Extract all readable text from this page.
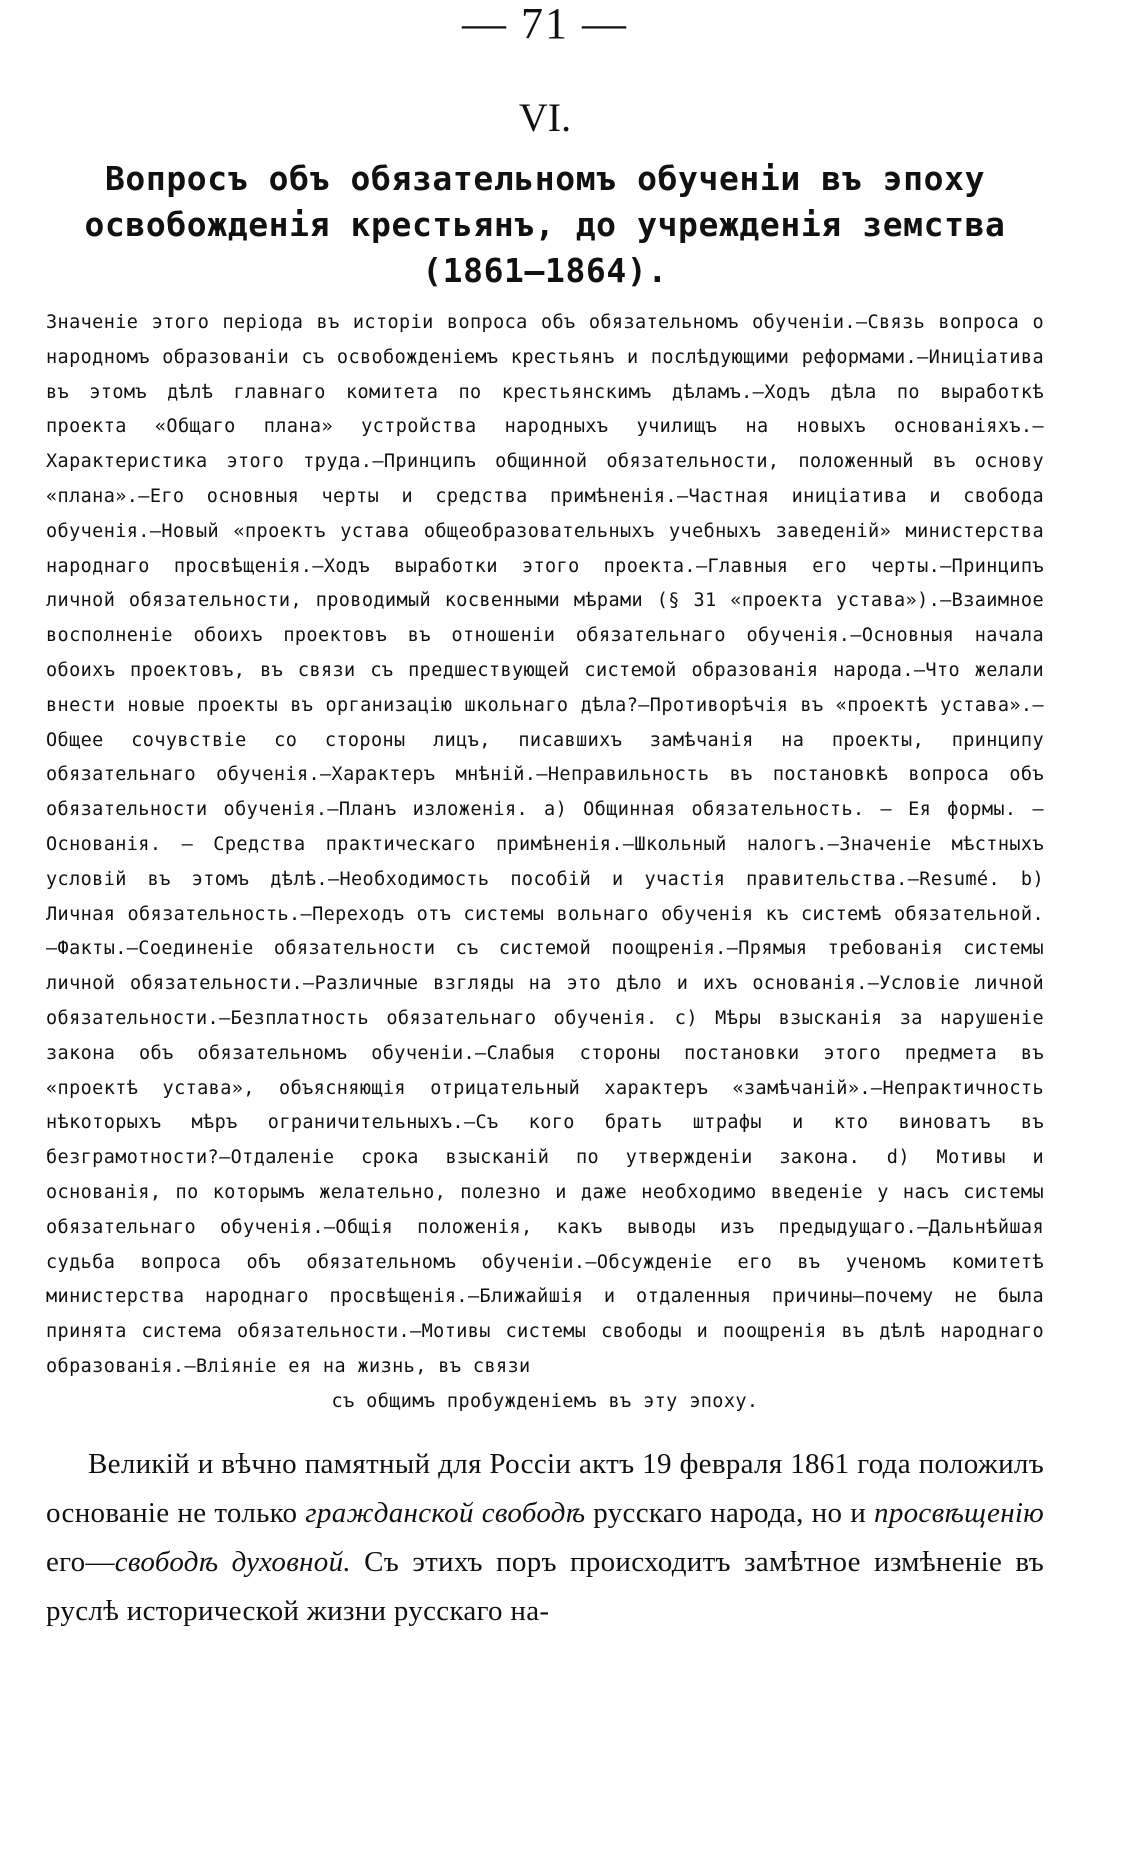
— 71 —
VI.
Вопросъ объ обязательномъ обученіи въ эпоху освобожденія крестьянъ, до учрежденія земства (1861—1864).
Значеніе этого періода въ исторіи вопроса объ обязательномъ обученіи.—Связь вопроса о народномъ образованіи съ освобожденіемъ крестьянъ и послѣдующими реформами.—Иниціатива въ этомъ дѣлѣ главнаго комитета по крестьянскимъ дѣламъ.—Ходъ дѣла по выработкѣ проекта «Общаго плана» устройства народныхъ училищъ на новыхъ основаніяхъ.—Характеристика этого труда.—Принципъ общинной обязательности, положенный въ основу «плана».—Его основныя черты и средства примѣненія.—Частная иниціатива и свобода обученія.—Новый «проектъ устава общеобразовательныхъ учебныхъ заведеній» министерства народнаго просвѣщенія.—Ходъ выработки этого проекта.—Главныя его черты.—Принципъ личной обязательности, проводимый косвенными мѣрами (§ 31 «проекта устава»).—Взаимное восполненіе обоихъ проектовъ въ отношеніи обязательнаго обученія.—Основныя начала обоихъ проектовъ, въ связи съ предшествующей системой образованія народа.—Что желали внести новые проекты въ организацію школьнаго дѣла?—Противорѣчія въ «проектѣ устава».—Общее сочувствіе со стороны лицъ, писавшихъ замѣчанія на проекты, принципу обязательнаго обученія.—Характеръ мнѣній.—Неправильность въ постановкѣ вопроса объ обязательности обученія.—Планъ изложенія. a) Общинная обязательность. — Ея формы. — Основанія. — Средства практическаго примѣненія.—Школьный налогъ.—Значеніе мѣстныхъ условій въ этомъ дѣлѣ.—Необходимость пособій и участія правительства.—Resumé. b) Личная обязательность.—Переходъ отъ системы вольнаго обученія къ системѣ обязательной.—Факты.—Соединеніе обязательности съ системой поощренія.—Прямыя требованія системы личной обязательности.—Различные взгляды на это дѣло и ихъ основанія.—Условіе личной обязательности.—Безплатность обязательнаго обученія. c) Мѣры взысканія за нарушеніе закона объ обязательномъ обученіи.—Слабыя стороны постановки этого предмета въ «проектѣ устава», объясняющія отрицательный характеръ «замѣчаній».—Непрактичность нѣкоторыхъ мѣръ ограничительныхъ.—Съ кого брать штрафы и кто виноватъ въ безграмотности?—Отдаленіе срока взысканій по утвержденіи закона. d) Мотивы и основанія, по которымъ желательно, полезно и даже необходимо введеніе у насъ системы обязательнаго обученія.—Общія положенія, какъ выводы изъ предыдущаго.—Дальнѣйшая судьба вопроса объ обязательномъ обученіи.—Обсужденіе его въ ученомъ комитетѣ министерства народнаго просвѣщенія.—Ближайшія и отдаленныя причины—почему не была принята система обязательности.—Мотивы системы свободы и поощренія въ дѣлѣ народнаго образованія.—Вліяніе ея на жизнь, въ связи
съ общимъ пробужденіемъ въ эту эпоху.

Великій и вѣчно памятный для Россіи актъ 19 февраля 1861 года положилъ основаніе не только гражданской свободѣ русскаго народа, но и просвѣщенію его—свободѣ духовной. Съ этихъ поръ происходитъ замѣтное измѣненіе въ руслѣ исторической жизни русскаго на-
